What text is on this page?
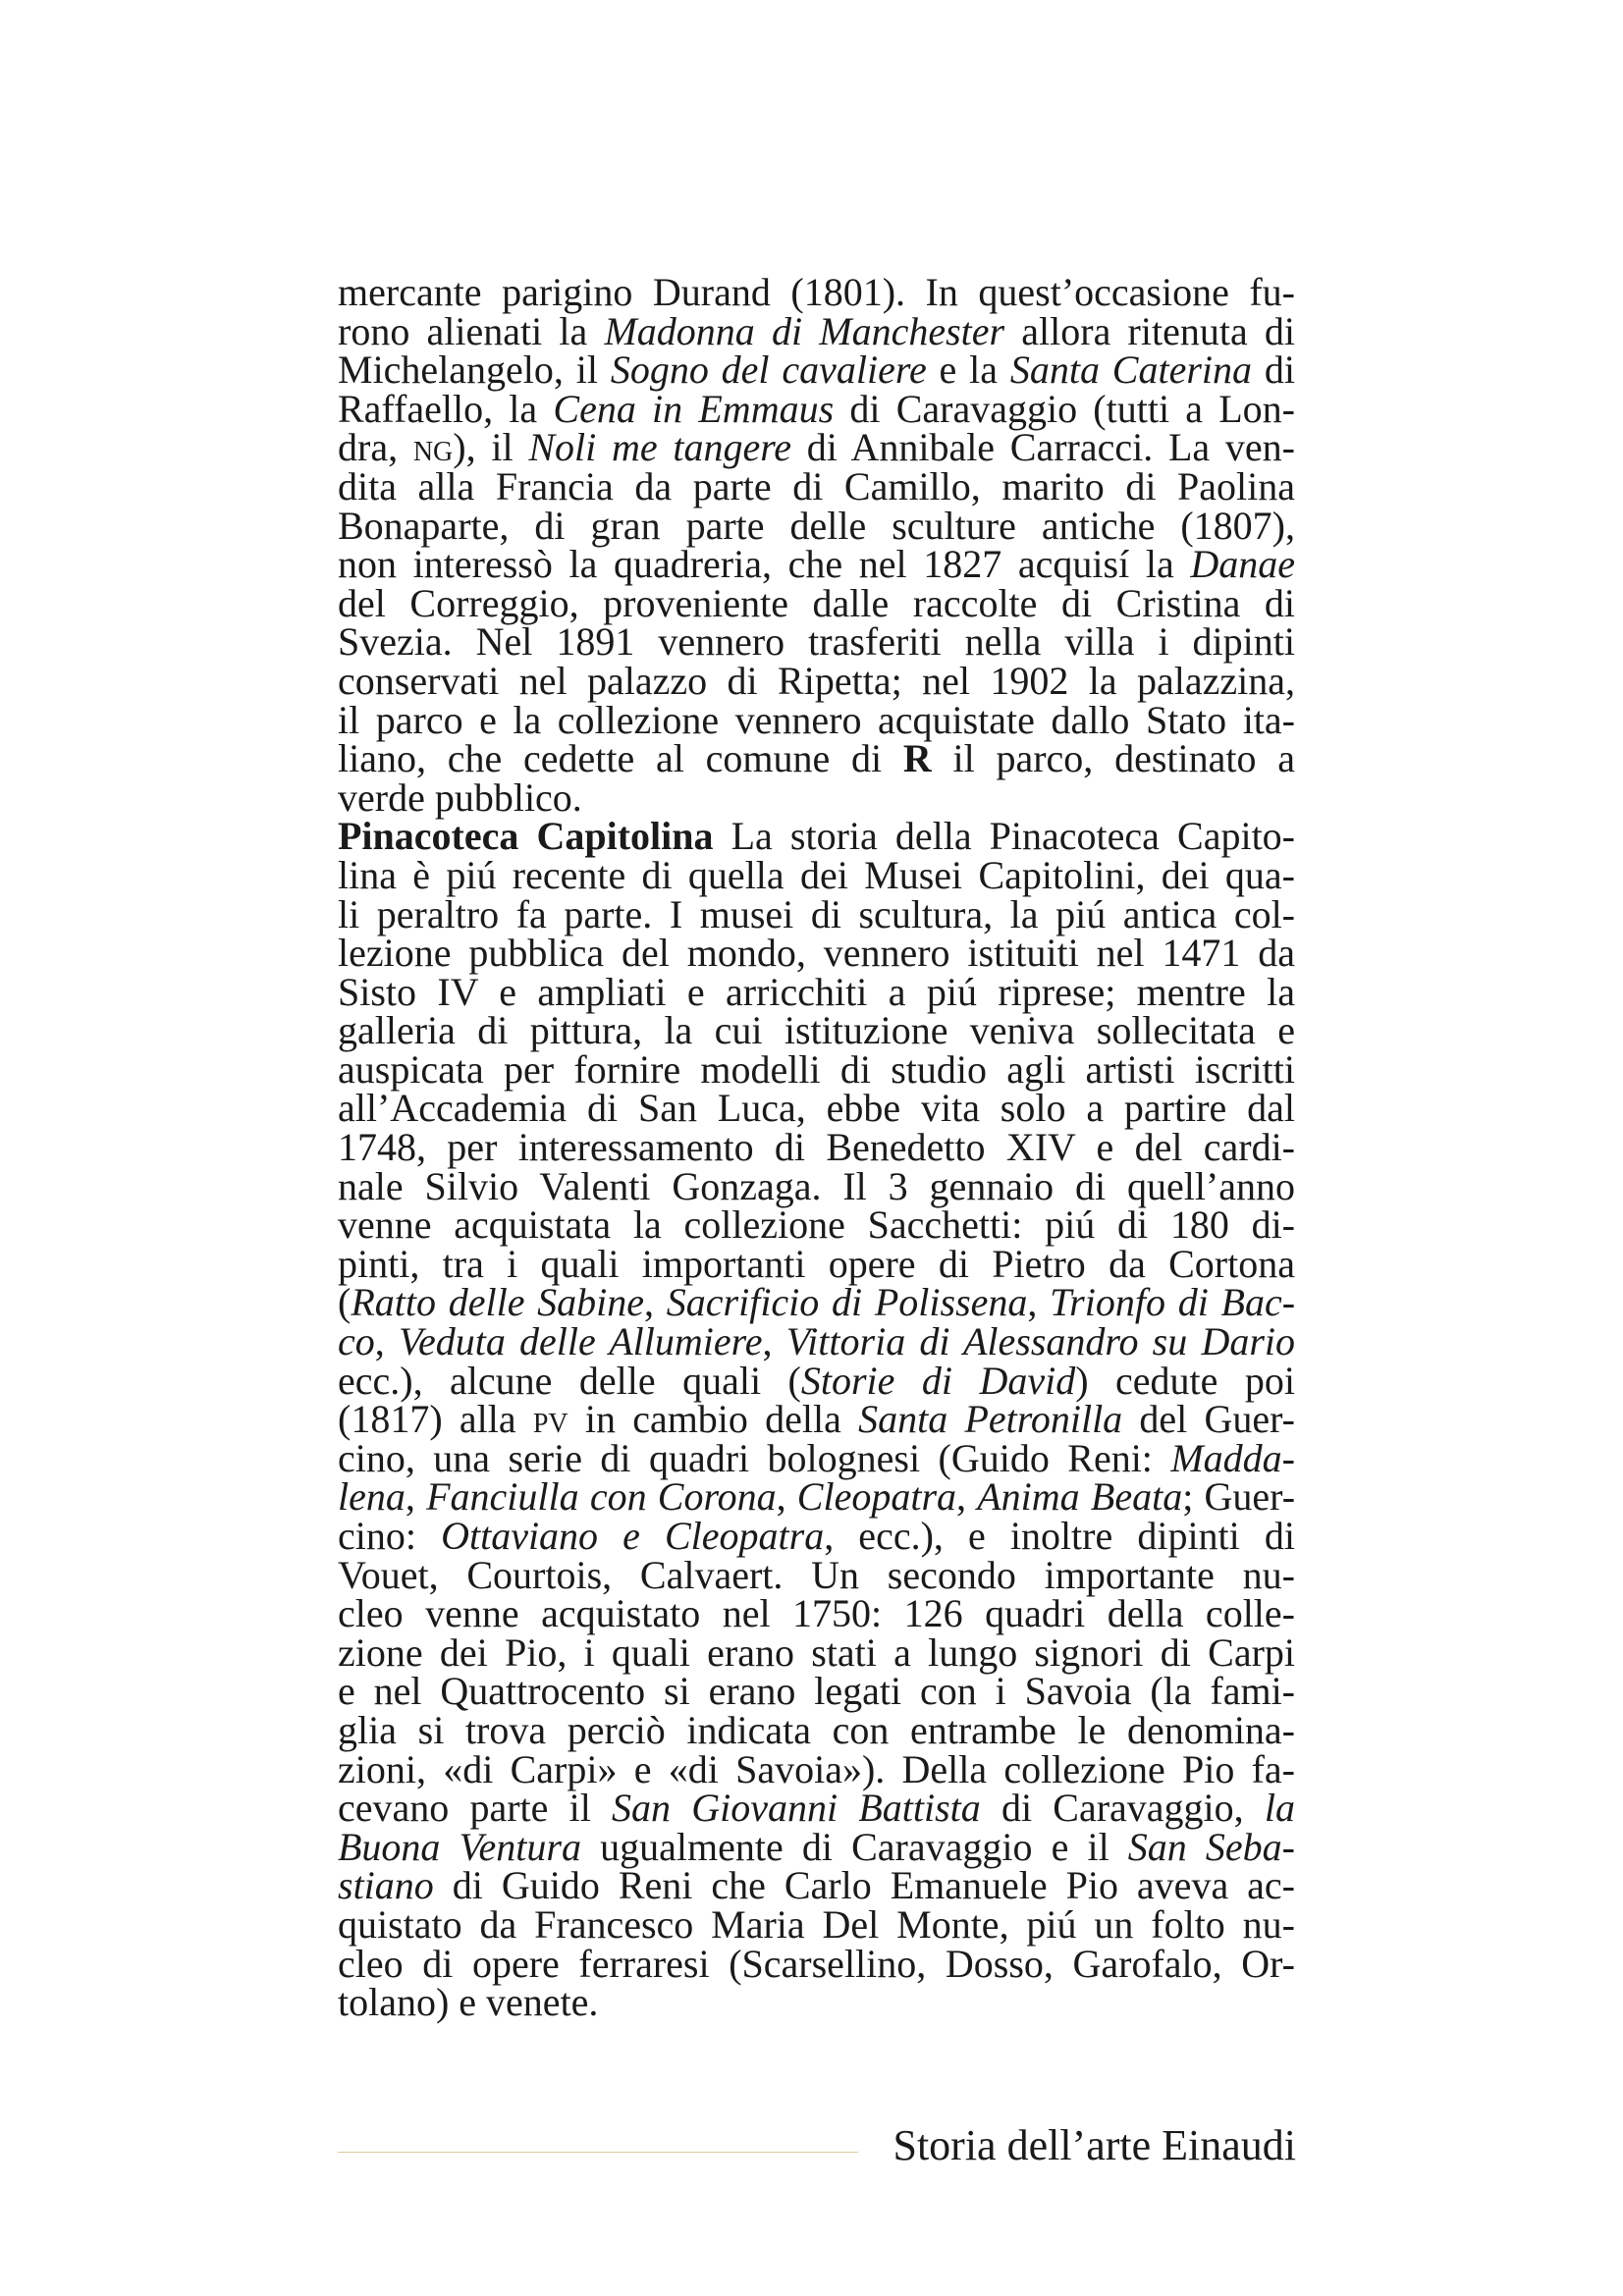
mercante parigino Durand (1801). In quest’occasione fu-
rono alienati la Madonna di Manchester allora ritenuta di
Michelangelo, il Sogno del cavaliere e la Santa Caterina di
Raffaello, la Cena in Emmaus di Caravaggio (tutti a Lon-
dra, ng), il Noli me tangere di Annibale Carracci. La ven-
dita alla Francia da parte di Camillo, marito di Paolina
Bonaparte, di gran parte delle sculture antiche (1807),
non interessò la quadreria, che nel 1827 acquisí la Danae
del Correggio, proveniente dalle raccolte di Cristina di
Svezia. Nel 1891 vennero trasferiti nella villa i dipinti
conservati nel palazzo di Ripetta; nel 1902 la palazzina,
il parco e la collezione vennero acquistate dallo Stato ita-
liano, che cedette al comune di R il parco, destinato a
verde pubblico.
Pinacoteca Capitolina La storia della Pinacoteca Capito-
lina è piú recente di quella dei Musei Capitolini, dei qua-
li peraltro fa parte. I musei di scultura, la piú antica col-
lezione pubblica del mondo, vennero istituiti nel 1471 da
Sisto IV e ampliati e arricchiti a piú riprese; mentre la
galleria di pittura, la cui istituzione veniva sollecitata e
auspicata per fornire modelli di studio agli artisti iscritti
all’Accademia di San Luca, ebbe vita solo a partire dal
1748, per interessamento di Benedetto XIV e del cardi-
nale Silvio Valenti Gonzaga. Il 3 gennaio di quell’anno
venne acquistata la collezione Sacchetti: piú di 180 di-
pinti, tra i quali importanti opere di Pietro da Cortona
(Ratto delle Sabine, Sacrificio di Polissena, Trionfo di Bac-
co, Veduta delle Allumiere, Vittoria di Alessandro su Dario
ecc.), alcune delle quali (Storie di David) cedute poi
(1817) alla pv in cambio della Santa Petronilla del Guer-
cino, una serie di quadri bolognesi (Guido Reni: Madda-
lena, Fanciulla con Corona, Cleopatra, Anima Beata; Guer-
cino: Ottaviano e Cleopatra, ecc.), e inoltre dipinti di
Vouet, Courtois, Calvaert. Un secondo importante nu-
cleo venne acquistato nel 1750: 126 quadri della colle-
zione dei Pio, i quali erano stati a lungo signori di Carpi
e nel Quattrocento si erano legati con i Savoia (la fami-
glia si trova perciò indicata con entrambe le denomina-
zioni, «di Carpi» e «di Savoia»). Della collezione Pio fa-
cevano parte il San Giovanni Battista di Caravaggio, la
Buona Ventura ugualmente di Caravaggio e il San Seba-
stiano di Guido Reni che Carlo Emanuele Pio aveva ac-
quistato da Francesco Maria Del Monte, piú un folto nu-
cleo di opere ferraresi (Scarsellino, Dosso, Garofalo, Or-
tolano) e venete.
Storia dell’arte Einaudi
